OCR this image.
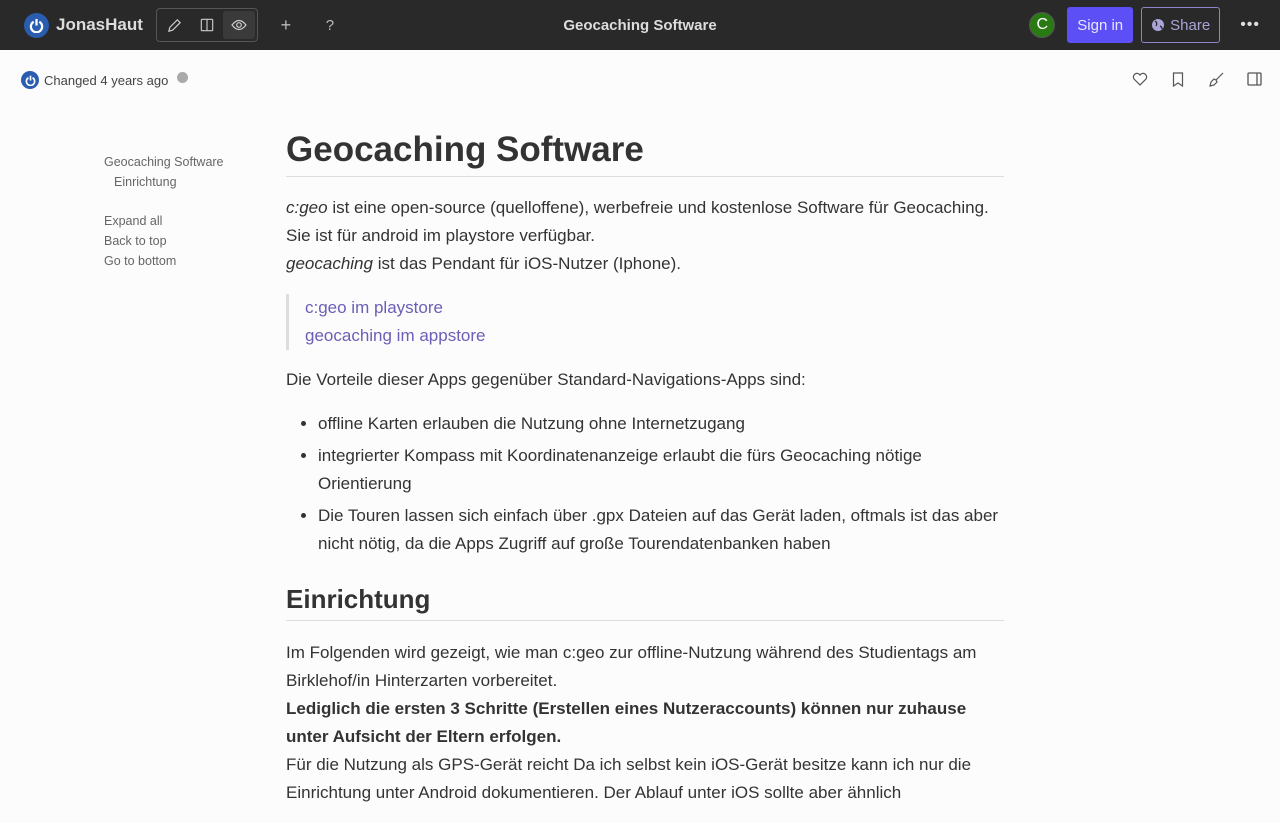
JonasHaut	+	?	Geocaching Software	C	Sign in	Share •••
Changed 4 years ago
Geocaching Software
Einrichtung
Expand all
Back to top
Go to bottom
Geocaching Software

c:geo ist eine open-source (quelloffene), werbefreie und kostenlose Software für Geocaching. Sie ist für android im playstore verfügbar.
geocaching ist das Pendant für iOS-Nutzer (Iphone).

c:geo im playstore
geocaching im appstore

Die Vorteile dieser Apps gegenüber Standard-Navigations-Apps sind:

• offline Karten erlauben die Nutzung ohne Internetzugang
• integrierter Kompass mit Koordinatenanzeige erlaubt die fürs Geocaching nötige Orientierung
• Die Touren lassen sich einfach über .gpx Dateien auf das Gerät laden, oftmals ist das aber nicht nötig, da die Apps Zugriff auf große Tourendatenbanken haben
Einrichtung

Im Folgenden wird gezeigt, wie man c:geo zur offline-Nutzung während des Studientags am Birklehof/in Hinterzarten vorbereitet.
Lediglich die ersten 3 Schritte (Erstellen eines Nutzeraccounts) können nur zuhause unter Aufsicht der Eltern erfolgen.
Für die Nutzung als GPS-Gerät reicht Da ich selbst kein iOS-Gerät besitze kann ich nur die Einrichtung unter Android dokumentieren. Der Ablauf unter iOS sollte aber ähnlich
